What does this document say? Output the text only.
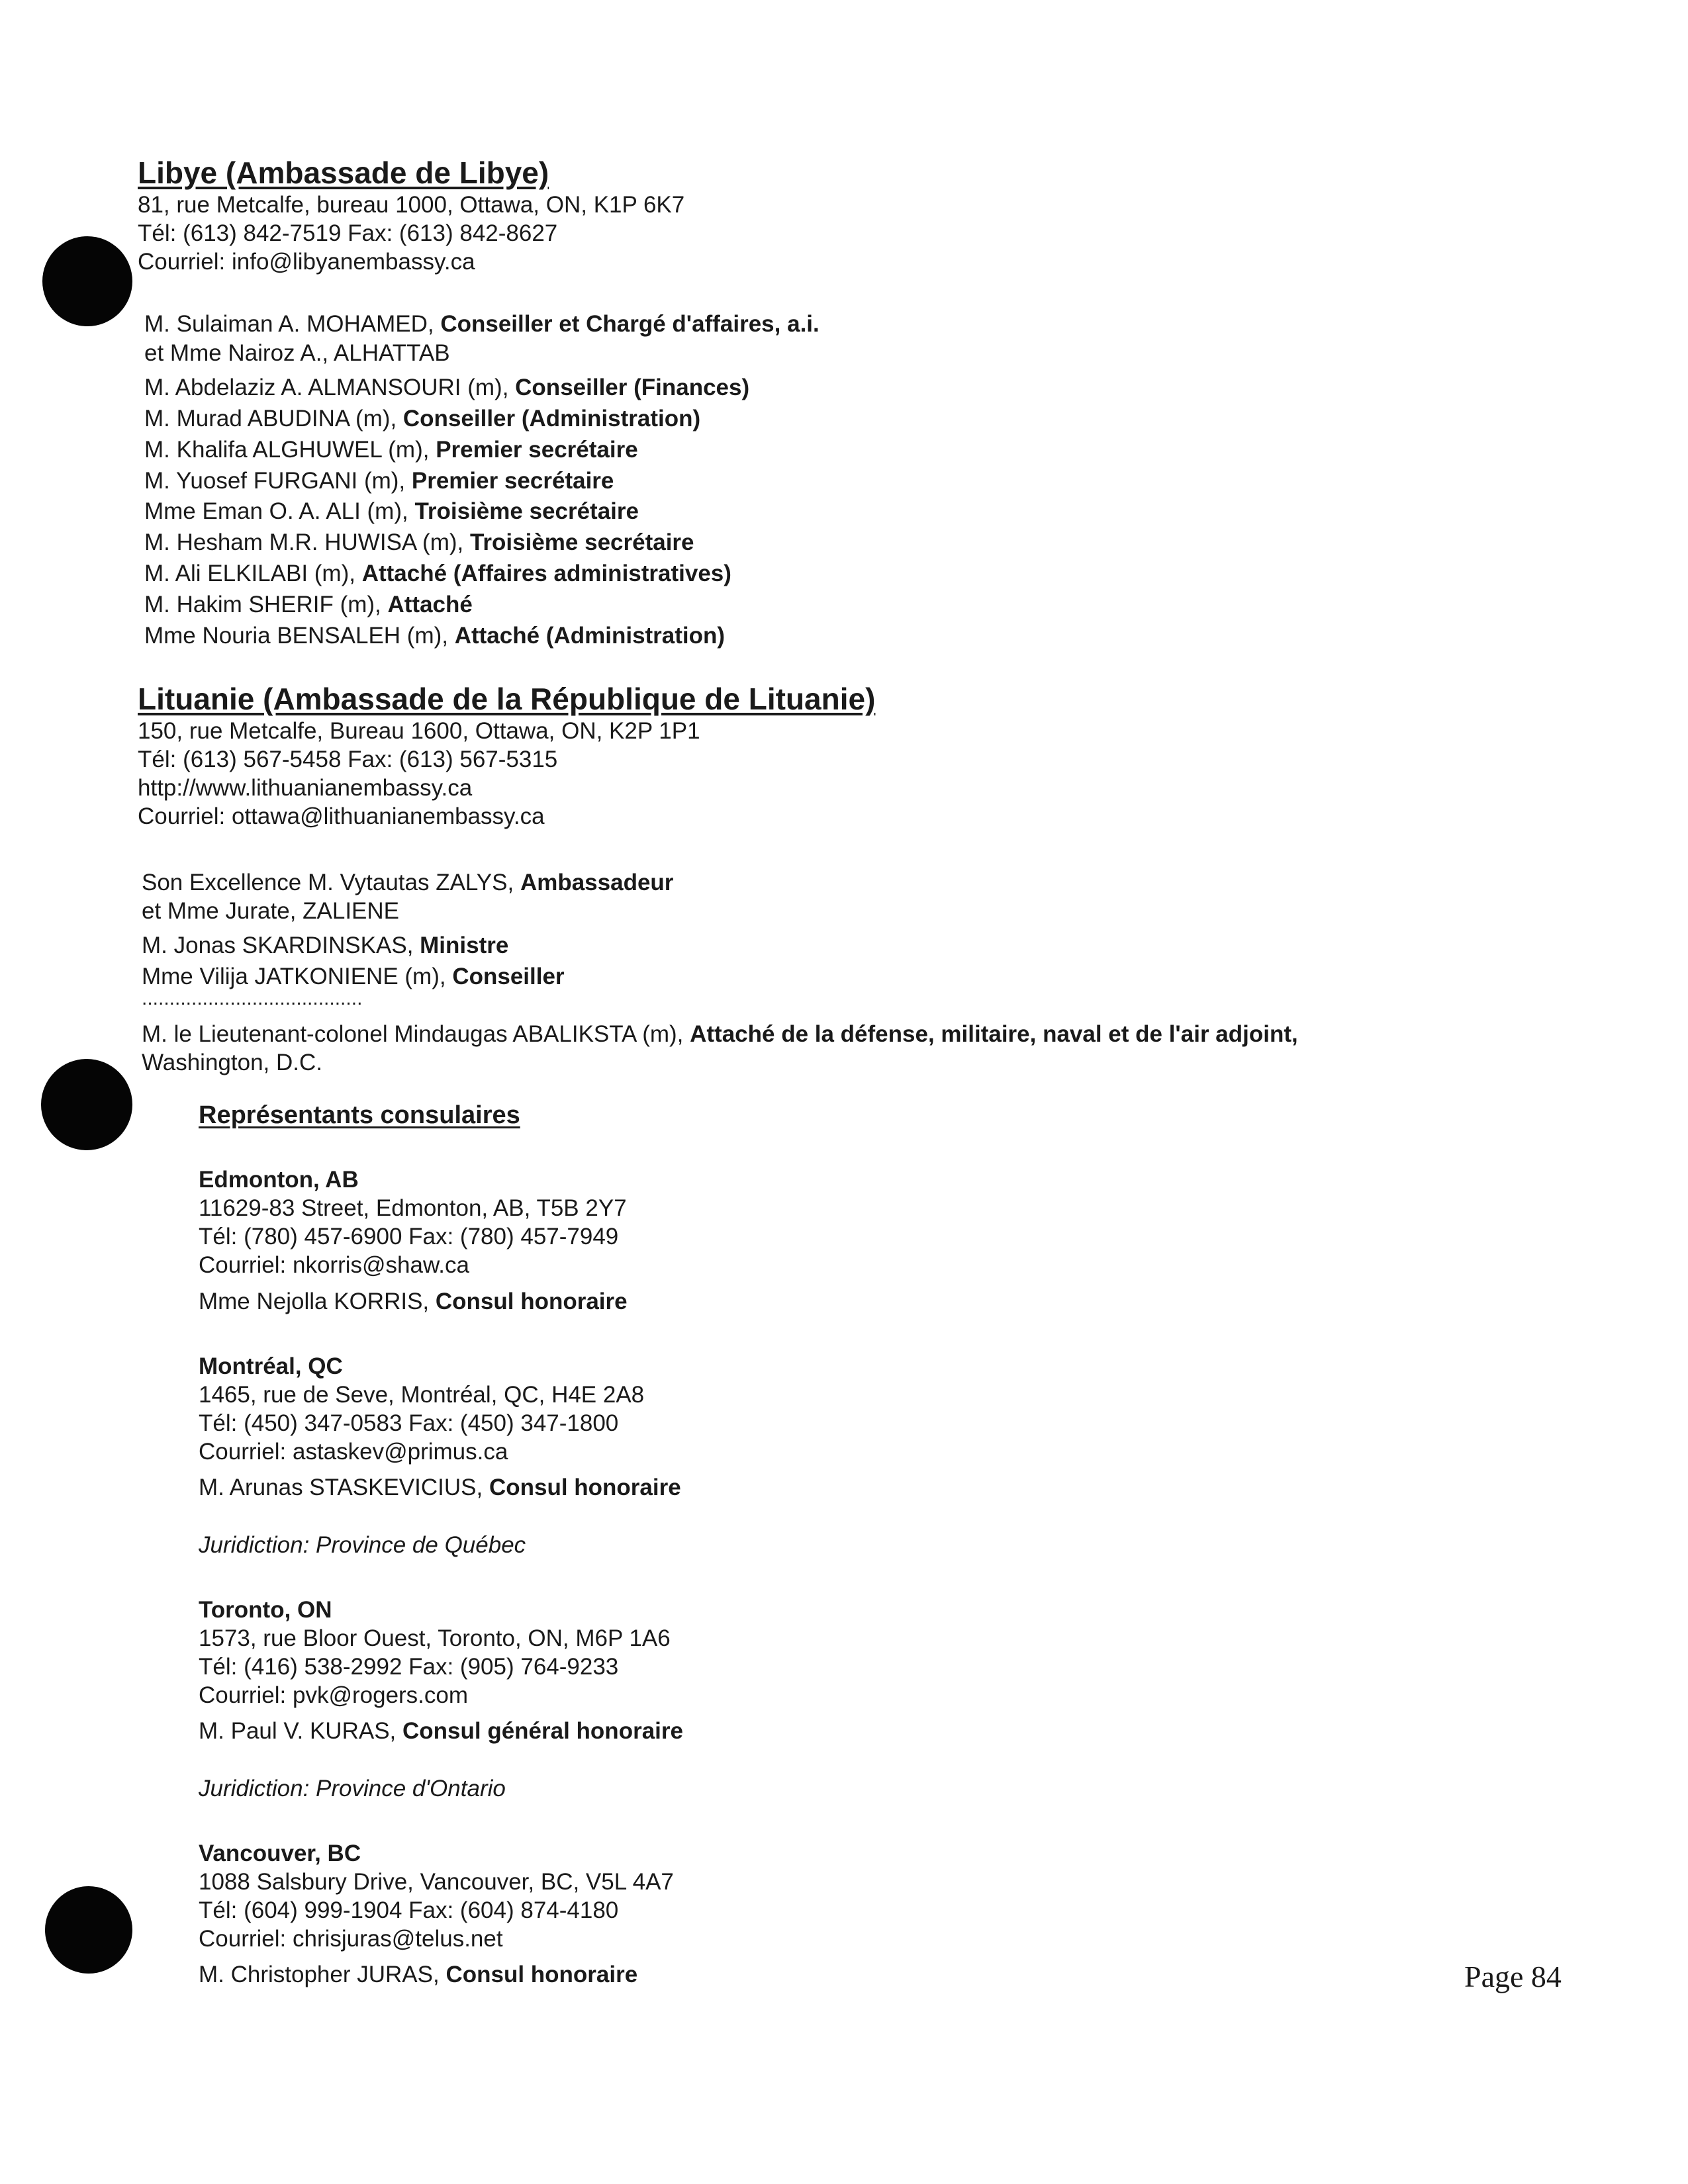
Libye (Ambassade de Libye)
81, rue Metcalfe, bureau 1000, Ottawa, ON, K1P 6K7
Tél: (613) 842-7519 Fax: (613) 842-8627
Courriel: info@libyanembassy.ca
M. Sulaiman A. MOHAMED, Conseiller et Chargé d'affaires, a.i.
et Mme Nairoz A., ALHATTAB
M. Abdelaziz A. ALMANSOURI (m), Conseiller (Finances)
M. Murad ABUDINA (m), Conseiller (Administration)
M. Khalifa ALGHUWEL (m), Premier secrétaire
M. Yuosef FURGANI (m), Premier secrétaire
Mme Eman O. A. ALI (m), Troisième secrétaire
M. Hesham M.R. HUWISA (m), Troisième secrétaire
M. Ali ELKILABI (m), Attaché (Affaires administratives)
M. Hakim SHERIF (m), Attaché
Mme Nouria BENSALEH (m), Attaché (Administration)
Lituanie (Ambassade de la République de Lituanie)
150, rue Metcalfe, Bureau 1600, Ottawa, ON, K2P 1P1
Tél: (613) 567-5458 Fax: (613) 567-5315
http://www.lithuanianembassy.ca
Courriel: ottawa@lithuanianembassy.ca
Son Excellence M. Vytautas ZALYS, Ambassadeur
et Mme Jurate, ZALIENE
M. Jonas SKARDINSKAS, Ministre
Mme Vilija JATKONIENE (m), Conseiller
........................................
M. le Lieutenant-colonel Mindaugas ABALIKSTA (m), Attaché de la défense, militaire, naval et de l'air adjoint,
Washington, D.C.
Représentants consulaires
Edmonton, AB
11629-83 Street, Edmonton, AB, T5B 2Y7
Tél: (780) 457-6900 Fax: (780) 457-7949
Courriel: nkorris@shaw.ca
Mme Nejolla KORRIS, Consul honoraire
Montréal, QC
1465, rue de Seve, Montréal, QC, H4E 2A8
Tél: (450) 347-0583 Fax: (450) 347-1800
Courriel: astaskev@primus.ca
M. Arunas STASKEVICIUS, Consul honoraire
Juridiction: Province de Québec
Toronto, ON
1573, rue Bloor Ouest, Toronto, ON, M6P 1A6
Tél: (416) 538-2992 Fax: (905) 764-9233
Courriel: pvk@rogers.com
M. Paul V. KURAS, Consul général honoraire
Juridiction: Province d'Ontario
Vancouver, BC
1088 Salsbury Drive, Vancouver, BC, V5L 4A7
Tél: (604) 999-1904 Fax: (604) 874-4180
Courriel: chrisjuras@telus.net
M. Christopher JURAS, Consul honoraire	Page 84
